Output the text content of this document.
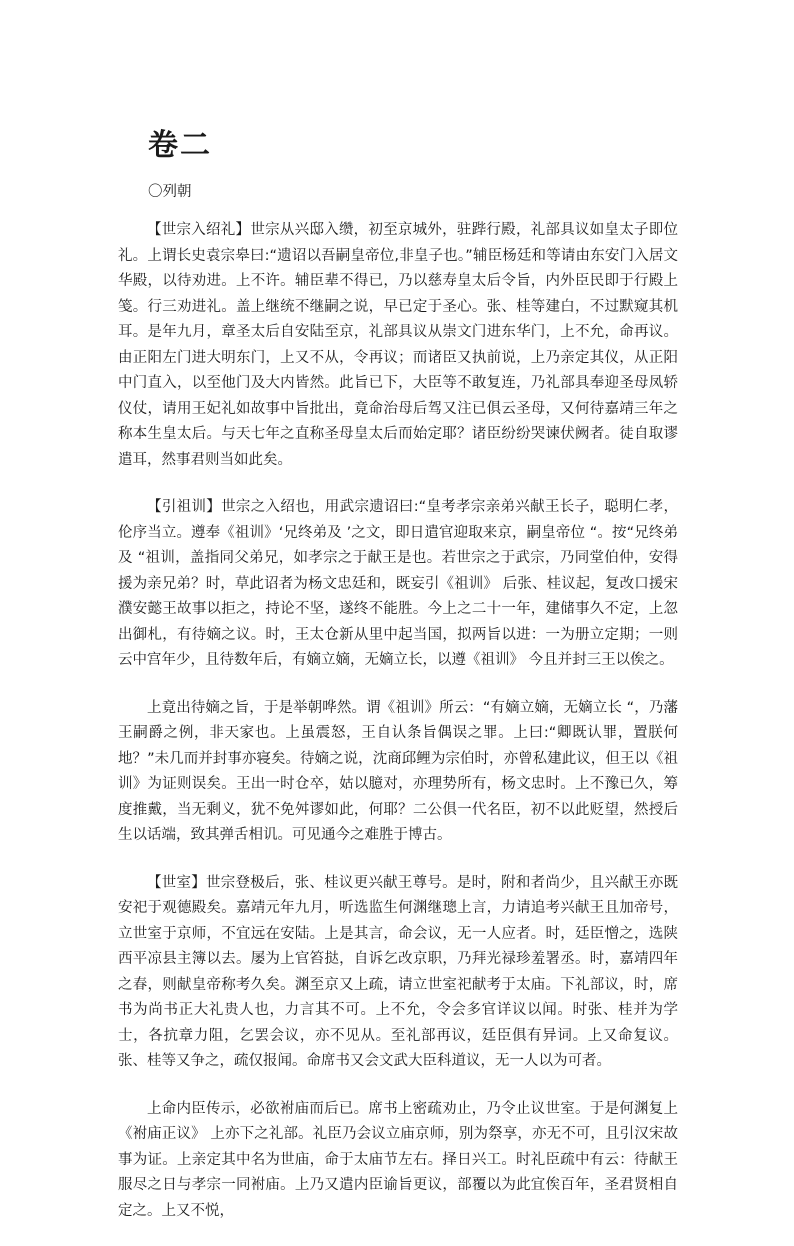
卷二

〇列朝

【世宗入绍礼】世宗从兴邸入缵，初至京城外，驻跸行殿，礼部具议如皇太子即位礼。上谓长史袁宗皋曰:“遗诏以吾嗣皇帝位,非皇子也。”辅臣杨廷和等请由东安门入居文华殿，以待劝进。上不许。辅臣辈不得已，乃以慈寿皇太后令旨，内外臣民即于行殿上笺。行三劝进礼。盖上继统不继嗣之说，早已定于圣心。张、桂等建白，不过默窥其机耳。是年九月，章圣太后自安陆至京，礼部具议从崇文门进东华门，上不允，命再议。由正阳左门进大明东门，上又不从，令再议；而诸臣又执前说，上乃亲定其仪，从正阳中门直入，以至他门及大内皆然。此旨已下，大臣等不敢复连，乃礼部具奉迎圣母凤轿仪仗，请用王妃礼如故事中旨批出，竟命治母后驾又注已俱云圣母，又何待嘉靖三年之称本生皇太后。与天七年之直称圣母皇太后而始定耶？诸臣纷纷哭谏伏阙者。徒自取谬遣耳，然事君则当如此矣。

【引祖训】世宗之入绍也，用武宗遗诏曰:“皇考孝宗亲弟兴献王长子，聪明仁孝，伦序当立。遵奉《祖训》‘兄终弟及 ’之文，即日遣官迎取来京，嗣皇帝位 “。按“兄终弟及 “祖训，盖指同父弟兄，如孝宗之于献王是也。若世宗之于武宗，乃同堂伯仲，安得援为亲兄弟？时，草此诏者为杨文忠廷和，既妄引《祖训》 后张、桂议起，复改口援宋濮安懿王故事以拒之，持论不坚，遂终不能胜。今上之二十一年，建储事久不定，上忽出御札，有待嫡之议。时，王太仓新从里中起当国，拟两旨以进：一为册立定期；一则云中宫年少，且待数年后，有嫡立嫡，无嫡立长，以遵《祖训》 今且并封三王以俟之。

上竟出待嫡之旨，于是举朝哗然。谓《祖训》所云：“有嫡立嫡，无嫡立长 “，乃藩王嗣爵之例，非天家也。上虽震怒，王自认条旨偶误之罪。上曰:“卿既认罪，置朕何地？”未几而并封事亦寝矣。待嫡之说，沈商邱鲤为宗伯时，亦曾私建此议，但王以《祖训》为证则误矣。王出一时仓卒，姑以臆对，亦理势所有，杨文忠时。上不豫已久，筹度推戴，当无剩义，犹不免舛谬如此，何耶？二公俱一代名臣，初不以此贬望，然授后生以话端，致其弹舌相讥。可见通今之难胜于博古。

【世室】世宗登极后，张、桂议更兴献王尊号。是时，附和者尚少，且兴献王亦既安祀于观德殿矣。嘉靖元年九月，听选监生何渊继璁上言，力请追考兴献王且加帝号，立世室于京师，不宜远在安陆。上是其言，命会议，无一人应者。时，廷臣憎之，选陕西平凉县主簿以去。屡为上官笞挞，自诉乞改京职，乃拜光禄珍羞署丞。时，嘉靖四年之春，则献皇帝称考久矣。渊至京又上疏，请立世室祀献考于太庙。下礼部议，时，席书为尚书正大礼贵人也，力言其不可。上不允，令会多官详议以闻。时张、桂并为学士，各抗章力阻，乞罢会议，亦不见从。至礼部再议，廷臣俱有异词。上又命复议。张、桂等又争之，疏仅报闻。命席书又会文武大臣科道议，无一人以为可者。

上命内臣传示，必欲袝庙而后已。席书上密疏劝止，乃令止议世室。于是何渊复上《袝庙正议》 上亦下之礼部。礼臣乃会议立庙京师，别为祭享，亦无不可，且引汉宋故事为证。上亲定其中名为世庙，命于太庙节左右。择日兴工。时礼臣疏中有云：待献王服尽之日与孝宗一同袝庙。上乃又遣内臣谕旨更议，部覆以为此宜俟百年，圣君贤相自定之。上又不悦，
